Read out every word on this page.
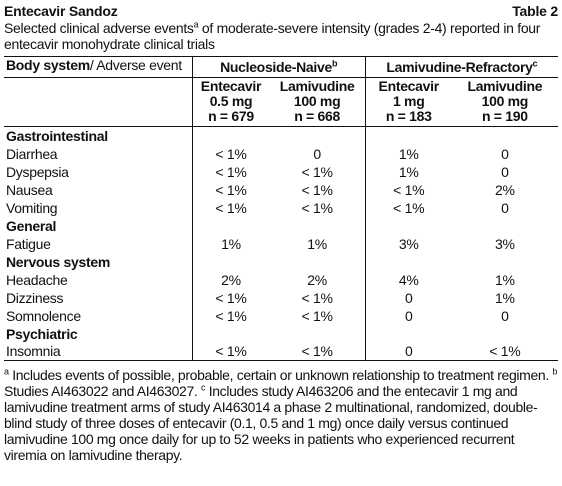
Entecavir Sandoz	Table 2

Selected clinical adverse events$^a$ of moderate-severe intensity (grades 2-4) reported in four entecavir monohydrate clinical trials

Body system/ Adverse event	Nucleoside-Naive$^b$		Lamivudine-Refractory$^c$
	Entecavir
0.5 mg
n = 679	Lamivudine
100 mg
n = 668	Entecavir
1 mg
n = 183	Lamivudine
100 mg
n = 190
Gastrointestinal				
Diarrhea	< 1%	0	1%	0
Dyspepsia	< 1%	< 1%	1%	0
Nausea	< 1%	< 1%	< 1%	2%
Vomiting	< 1%	< 1%	< 1%	0
General				
Fatigue	1%	1%	3%	3%
Nervous system				
Headache	2%	2%	4%	1%
Dizziness	< 1%	< 1%	0	1%
Somnolence	< 1%	< 1%	0	0
Psychiatric				
Insomnia	< 1%	< 1%	0	< 1%

$^a$ Includes events of possible, probable, certain or unknown relationship to treatment regimen. $^b$ Studies AI463022 and AI463027. $^c$ Includes study AI463206 and the entecavir 1 mg and lamivudine treatment arms of study AI463014 a phase 2 multinational, randomized, double-blind study of three doses of entecavir (0.1, 0.5 and 1 mg) once daily versus continued lamivudine 100 mg once daily for up to 52 weeks in patients who experienced recurrent viremia on lamivudine therapy.
